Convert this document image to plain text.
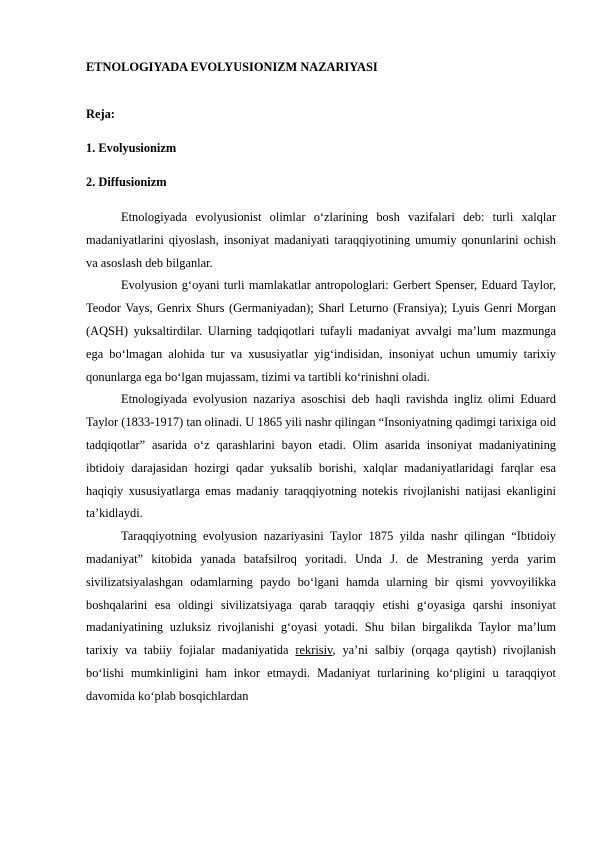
ETNOLOGIYADA EVOLYUSIONIZM NAZARIYASI
Reja:
1. Evolyusionizm
2. Diffusionizm

Etnologiyada evolyusionist olimlar o‘zlarining bosh vazifalari deb: turli xalqlar madaniyatlarini qiyoslash, insoniyat madaniyati taraqqiyotining umumiy qonunlarini ochish va asoslash deb bilganlar.

Evolyusion g‘oyani turli mamlakatlar antropologlari: Gerbert Spenser, Eduard Taylor, Teodor Vays, Genrix Shurs (Germaniyadan); Sharl Leturno (Fransiya); Lyuis Genri Morgan (AQSH) yuksaltirdilar. Ularning tadqiqotlari tufayli madaniyat avvalgi ma’lum mazmunga ega bo‘lmagan alohida tur va xususiyatlar yig‘indisidan, insoniyat uchun umumiy tarixiy qonunlarga ega bo‘lgan mujassam, tizimi va tartibli ko‘rinishni oladi.

Etnologiyada evolyusion nazariya asoschisi deb haqli ravishda ingliz olimi Eduard Taylor (1833-1917) tan olinadi. U 1865 yili nashr qilingan “Insoniyatning qadimgi tarixiga oid tadqiqotlar” asarida o‘z qarashlarini bayon etadi. Olim asarida insoniyat madaniyatining ibtidoiy darajasidan hozirgi qadar yuksalib borishi, xalqlar madaniyatlaridagi farqlar esa haqiqiy xususiyatlarga emas madaniy taraqqiyotning notekis rivojlanishi natijasi ekanligini ta’kidlaydi.

Taraqqiyotning evolyusion nazariyasini Taylor 1875 yilda nashr qilingan “Ibtidoiy madaniyat” kitobida yanada batafsilroq yoritadi. Unda J. de Mestraning yerda yarim sivilizatsiyalashgan odamlarning paydo bo‘lgani hamda ularning bir qismi yovvoyilikka boshqalarini esa oldingi sivilizatsiyaga qarab taraqqiy etishi g‘oyasiga qarshi insoniyat madaniyatining uzluksiz rivojlanishi g‘oyasi yotadi. Shu bilan birgalikda Taylor ma’lum tarixiy va tabiiy fojialar madaniyatida rekrisiv, ya’ni salbiy (orqaga qaytish) rivojlanish bo‘lishi mumkinligini ham inkor etmaydi. Madaniyat turlarining ko‘pligini u taraqqiyot davomida ko‘plab bosqichlardan
